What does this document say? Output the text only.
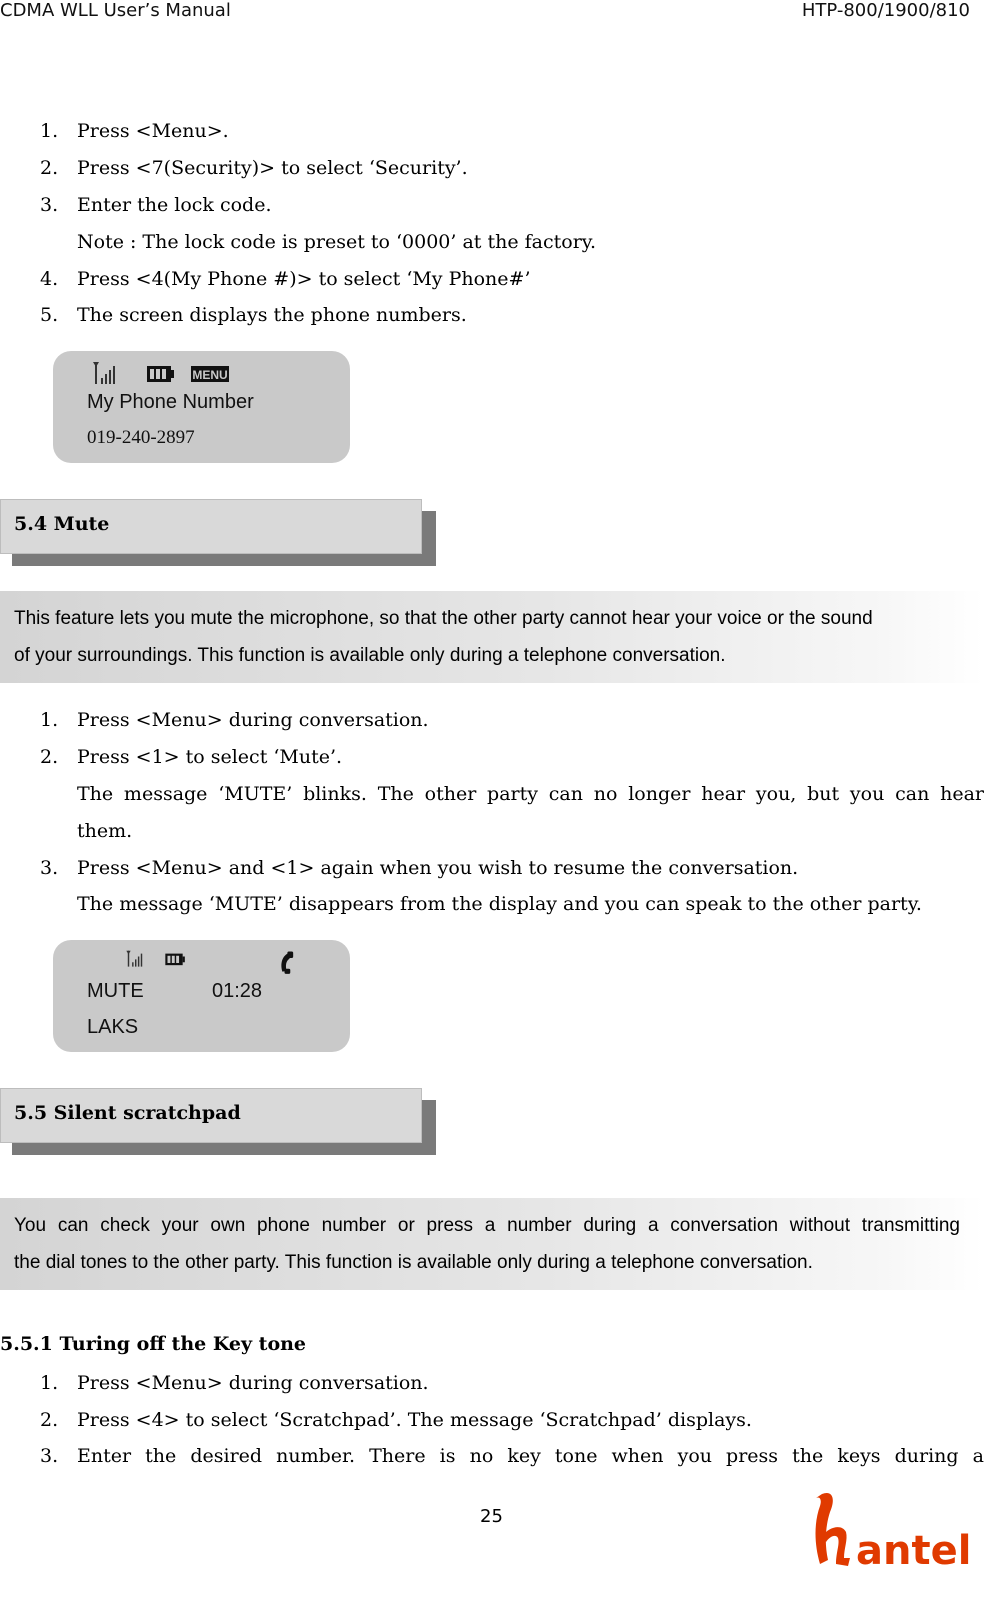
CDMA WLL User’s Manual	HTP-800/1900/810
1. Press <Menu>.
2. Press <7(Security)> to select ‘Security’.
3. Enter the lock code.
Note : The lock code is preset to ‘0000’ at the factory.
4. Press <4(My Phone #)> to select ‘My Phone#’
5. The screen displays the phone numbers.
MENU
My Phone Number
019-240-2897
5.4 Mute
This feature lets you mute the microphone, so that the other party cannot hear your voice or the sound
of your surroundings. This function is available only during a telephone conversation.
1. Press <Menu> during conversation.
2. Press <1> to select ‘Mute’.
The message ‘MUTE’ blinks. The other party can no longer hear you, but you can hear
them.
3. Press <Menu> and <1> again when you wish to resume the conversation.
The message ‘MUTE’ disappears from the display and you can speak to the other party.
MUTE	01:28
LAKS
5.5 Silent scratchpad
You can check your own phone number or press a number during a conversation without transmitting
the dial tones to the other party. This function is available only during a telephone conversation.
5.5.1 Turing off the Key tone
1. Press <Menu> during conversation.
2. Press <4> to select ‘Scratchpad’. The message ‘Scratchpad’ displays.
3. Enter the desired number. There is no key tone when you press the keys during a
25
antel
